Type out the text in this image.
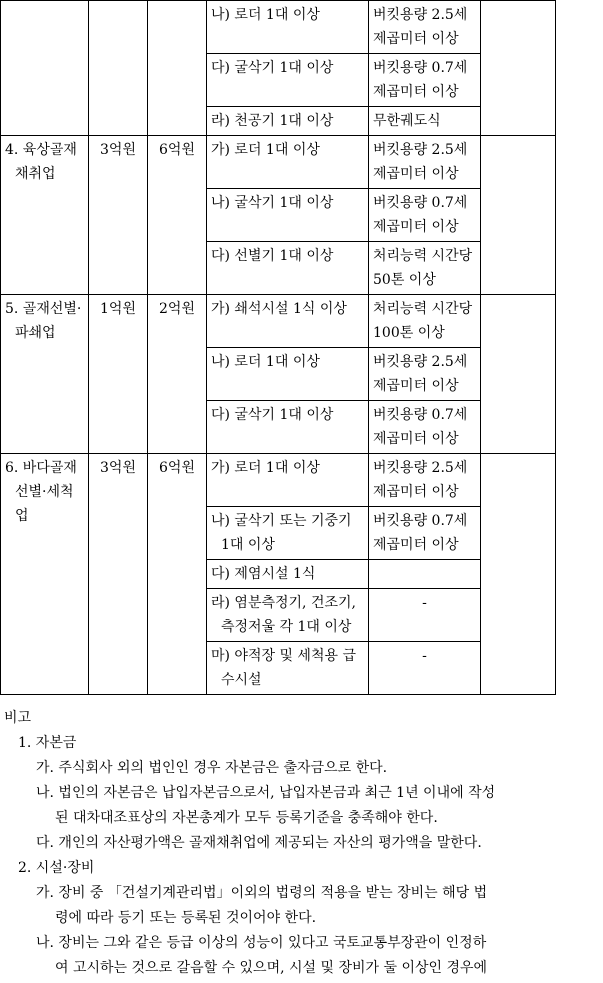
			나) 로더 1대 이상	버킷용량 2.5세제곱미터 이상	
			다) 굴삭기 1대 이상	버킷용량 0.7세제곱미터 이상	
			라) 천공기 1대 이상	무한궤도식	
4. 육상골재채취업	3억원	6억원	가) 로더 1대 이상	버킷용량 2.5세제곱미터 이상	
			나) 굴삭기 1대 이상	버킷용량 0.7세제곱미터 이상	
			다) 선별기 1대 이상	처리능력 시간당 50톤 이상	
5. 골재선별·파쇄업	1억원	2억원	가) 쇄석시설 1식 이상	처리능력 시간당 100톤 이상	
			나) 로더 1대 이상	버킷용량 2.5세제곱미터 이상	
			다) 굴삭기 1대 이상	버킷용량 0.7세제곱미터 이상	
6. 바다골재선별·세척업	3억원	6억원	가) 로더 1대 이상	버킷용량 2.5세제곱미터 이상	
			나) 굴삭기 또는 기중기 1대 이상	버킷용량 0.7세제곱미터 이상	
			다) 제염시설 1식		
			라) 염분측정기, 건조기, 측정저울 각 1대 이상	-	
			마) 야적장 및 세척용 급수시설	-	

비고

1. 자본금

가. 주식회사 외의 법인인 경우 자본금은 출자금으로 한다.

나. 법인의 자본금은 납입자본금으로서, 납입자본금과 최근 1년 이내에 작성

된 대차대조표상의 자본총계가 모두 등록기준을 충족해야 한다.

다. 개인의 자산평가액은 골재채취업에 제공되는 자산의 평가액을 말한다.

2. 시설·장비

가. 장비 중 「건설기계관리법」이외의 법령의 적용을 받는 장비는 해당 법

령에 따라 등기 또는 등록된 것이어야 한다.

나. 장비는 그와 같은 등급 이상의 성능이 있다고 국토교통부장관이 인정하

여 고시하는 것으로 갈음할 수 있으며, 시설 및 장비가 둘 이상인 경우에
